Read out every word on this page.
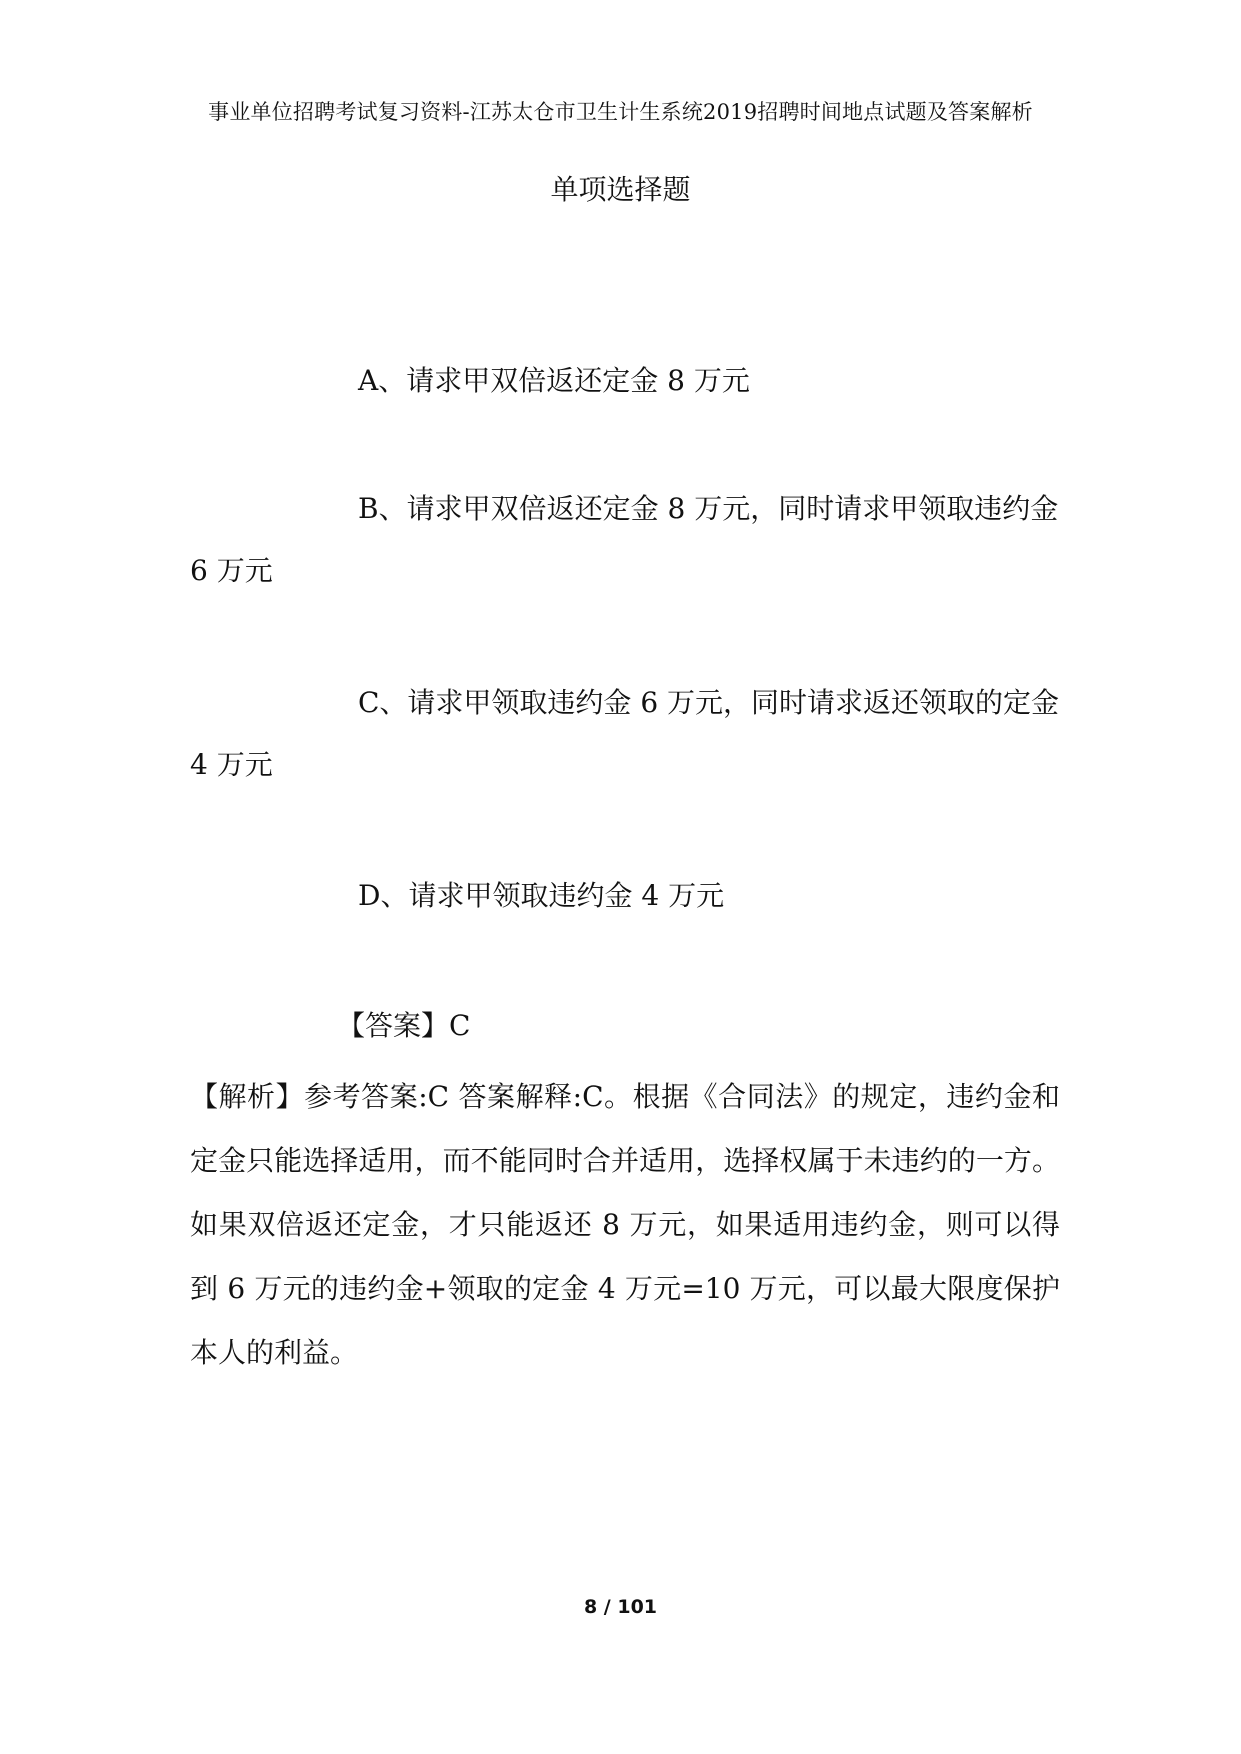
事业单位招聘考试复习资料-江苏太仓市卫生计生系统2019招聘时间地点试题及答案解析
单项选择题

A、请求甲双倍返还定金 8 万元

B、请求甲双倍返还定金 8 万元，同时请求甲领取违约金 6 万元

C、请求甲领取违约金 6 万元，同时请求返还领取的定金 4 万元

D、请求甲领取违约金 4 万元

【答案】C

【解析】参考答案:C 答案解释:C。根据《合同法》的规定，违约金和定金只能选择适用，而不能同时合并适用，选择权属于未违约的一方。如果双倍返还定金，才只能返还 8 万元，如果适用违约金，则可以得到 6 万元的违约金+领取的定金 4 万元=10 万元，可以最大限度保护本人的利益。

8 / 101
